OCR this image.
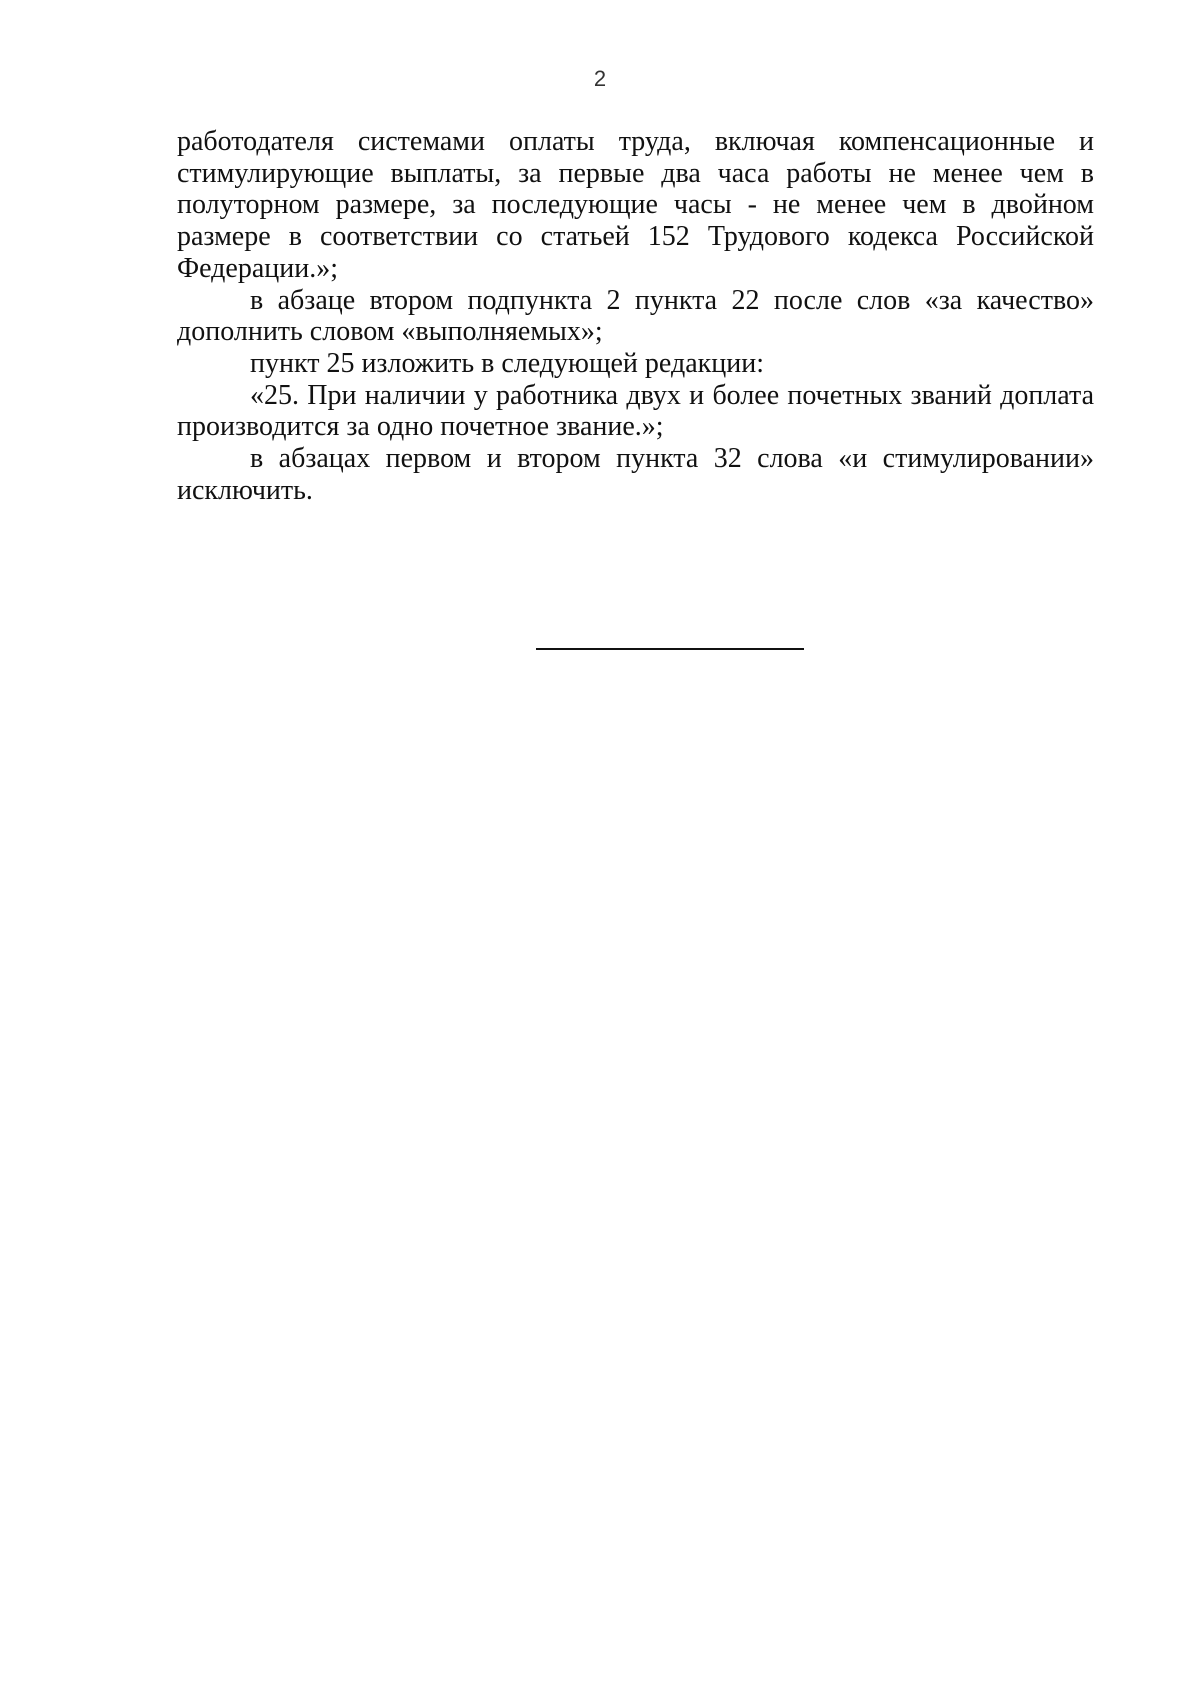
2

работодателя системами оплаты труда, включая компенсационные и стимулирующие выплаты, за первые два часа работы не менее чем в полуторном размере, за последующие часы - не менее чем в двойном размере в соответствии со статьей 152 Трудового кодекса Российской Федерации.»;

в абзаце втором подпункта 2 пункта 22 после слов «за качество» дополнить словом «выполняемых»;

пункт 25 изложить в следующей редакции:

«25. При наличии у работника двух и более почетных званий доплата производится за одно почетное звание.»;

в абзацах первом и втором пункта 32 слова «и стимулировании» исключить.
